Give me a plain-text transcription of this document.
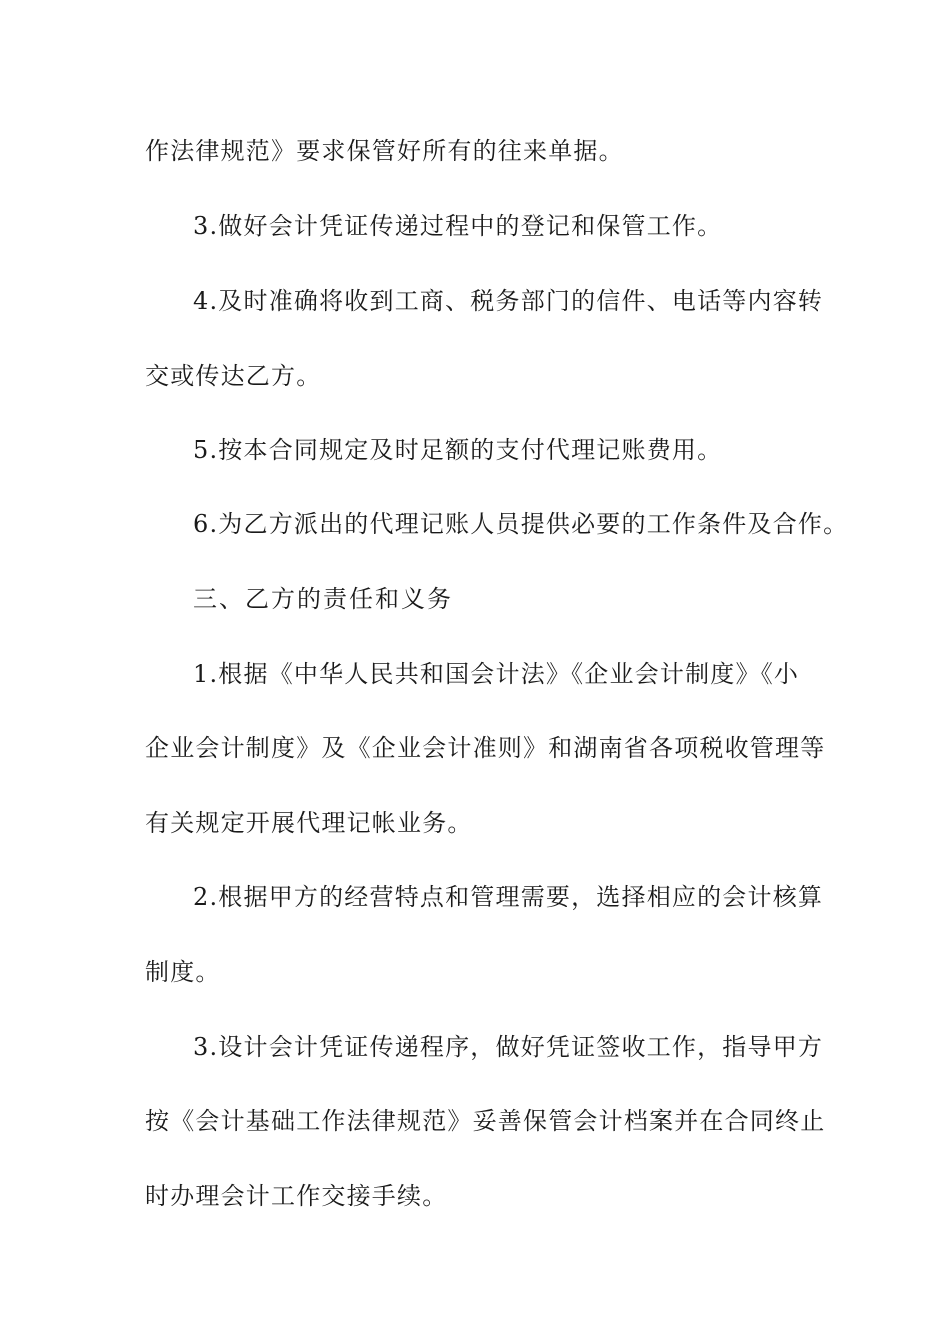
作法律规范》要求保管好所有的往来单据。
3.做好会计凭证传递过程中的登记和保管工作。
4.及时准确将收到工商、税务部门的信件、电话等内容转
交或传达乙方。
5.按本合同规定及时足额的支付代理记账费用。
6.为乙方派出的代理记账人员提供必要的工作条件及合作。
三、乙方的责任和义务
1.根据《中华人民共和国会计法》《企业会计制度》《小
企业会计制度》及《企业会计准则》和湖南省各项税收管理等
有关规定开展代理记帐业务。
2.根据甲方的经营特点和管理需要，选择相应的会计核算
制度。
3.设计会计凭证传递程序，做好凭证签收工作，指导甲方
按《会计基础工作法律规范》妥善保管会计档案并在合同终止
时办理会计工作交接手续。
